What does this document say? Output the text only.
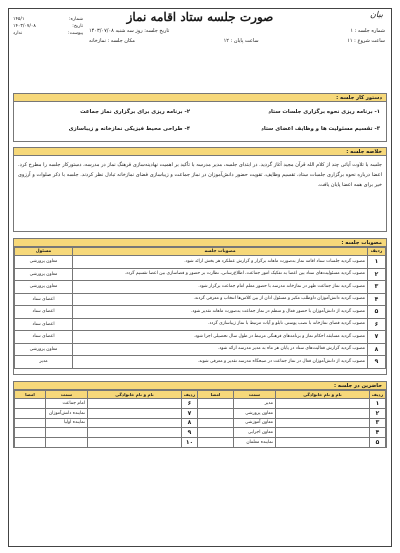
صورت جلسه ستاد اقامه نماز	بیان
شماره:
۱۴۵/۱
تاریخ:
۱۴۰۳/۰۷/۰۸
پیوست:
ندارد	شماره جلسه : ۱
تاریخ جلسه: روز سه شنبه ۱۴۰۳/۰۷/۰۸
ساعت شروع : ۱۱
ساعت پایان : ۱۲
مکان جلسه : نمازخانه
دستور کار جلسه :
۱- برنامه ریزی نحوه برگزاری جلسات ستاد
۲- برنامه ریزی برای برگزاری نماز جماعت
۳- تقسیم مسئولیت ها و وظایف اعضای ستاد
۴- طراحی محیط فیزیکی نمازخانه و زیباسازی
خلاصه جلسه :

جلسه با تلاوت آیاتی چند از کلام الله قرآن مجید آغاز گردید. در ابتدای جلسه، مدیر مدرسه با تأکید بر اهمیت نهادینه‌سازی فرهنگ نماز در مدرسه، دستورکار جلسه را مطرح کرد. اعضا درباره نحوه برگزاری جلسات ستاد، تقسیم وظایف، تقویت حضور دانش‌آموزان در نماز جماعت و زیباسازی فضای نمازخانه تبادل نظر کردند. جلسه با ذکر صلوات و آرزوی خیر برای همه اعضا پایان یافت.

مصوبات جلسه :
ردیف	مصوبات جلسه	مسئول
۱	مصوب گردید جلسات ستاد اقامه نماز به‌صورت ماهانه برگزار و گزارش عملکرد هر بخش ارائه شود.	معاون پرورشی
۲	مصوب گردید مسئولیت‌های ستاد بین اعضا به تفکیک امور جماعت، اطلاع‌رسانی، نظارت بر حضور و فضاسازی بین اعضا تقسیم گردد.	معاون پرورشی
۳	مصوب گردید نماز جماعت ظهر در نمازخانه مدرسه با حضور معلم امام جماعت برگزار شود.	معاون پرورشی
۴	مصوب گردید دانش‌آموزان داوطلب مکبر و مسئول اذان از بین کلاس‌ها انتخاب و معرفی گردند.	اعضای ستاد
۵	مصوب گردید از دانش‌آموزان با حضور فعال و منظم در نماز جماعت به‌صورت ماهانه تقدیر شود.	اعضای ستاد
۶	مصوب گردید فضای نمازخانه با نصب پوستر، تابلو و آیات مرتبط با نماز زیباسازی گردد.	اعضای ستاد
۷	مصوب گردید مسابقه احکام نماز و برنامه‌های فرهنگی مرتبط در طول سال تحصیلی اجرا شود.	اعضای ستاد
۸	مصوب گردید گزارش فعالیت‌های ستاد در پایان هر ماه به مدیر مدرسه ارائه شود.	معاون پرورشی
۹	مصوب گردید از دانش‌آموزان فعال در نماز جماعت در صبحگاه مدرسه تقدیر و معرفی شوند.	مدیر
حاضرین در جلسه :
ردیف	نام و نام خانوادگی	سمت	امضا	ردیف	نام و نام خانوادگی	سمت	امضا
۱		مدیر		۶		امام جماعت	
۲		معاون پرورشی		۷		نماینده دانش‌آموزان	
۳		معاون آموزشی		۸		نماینده اولیا	
۴		معاون اجرایی		۹			
۵		نماینده معلمان		۱۰			
